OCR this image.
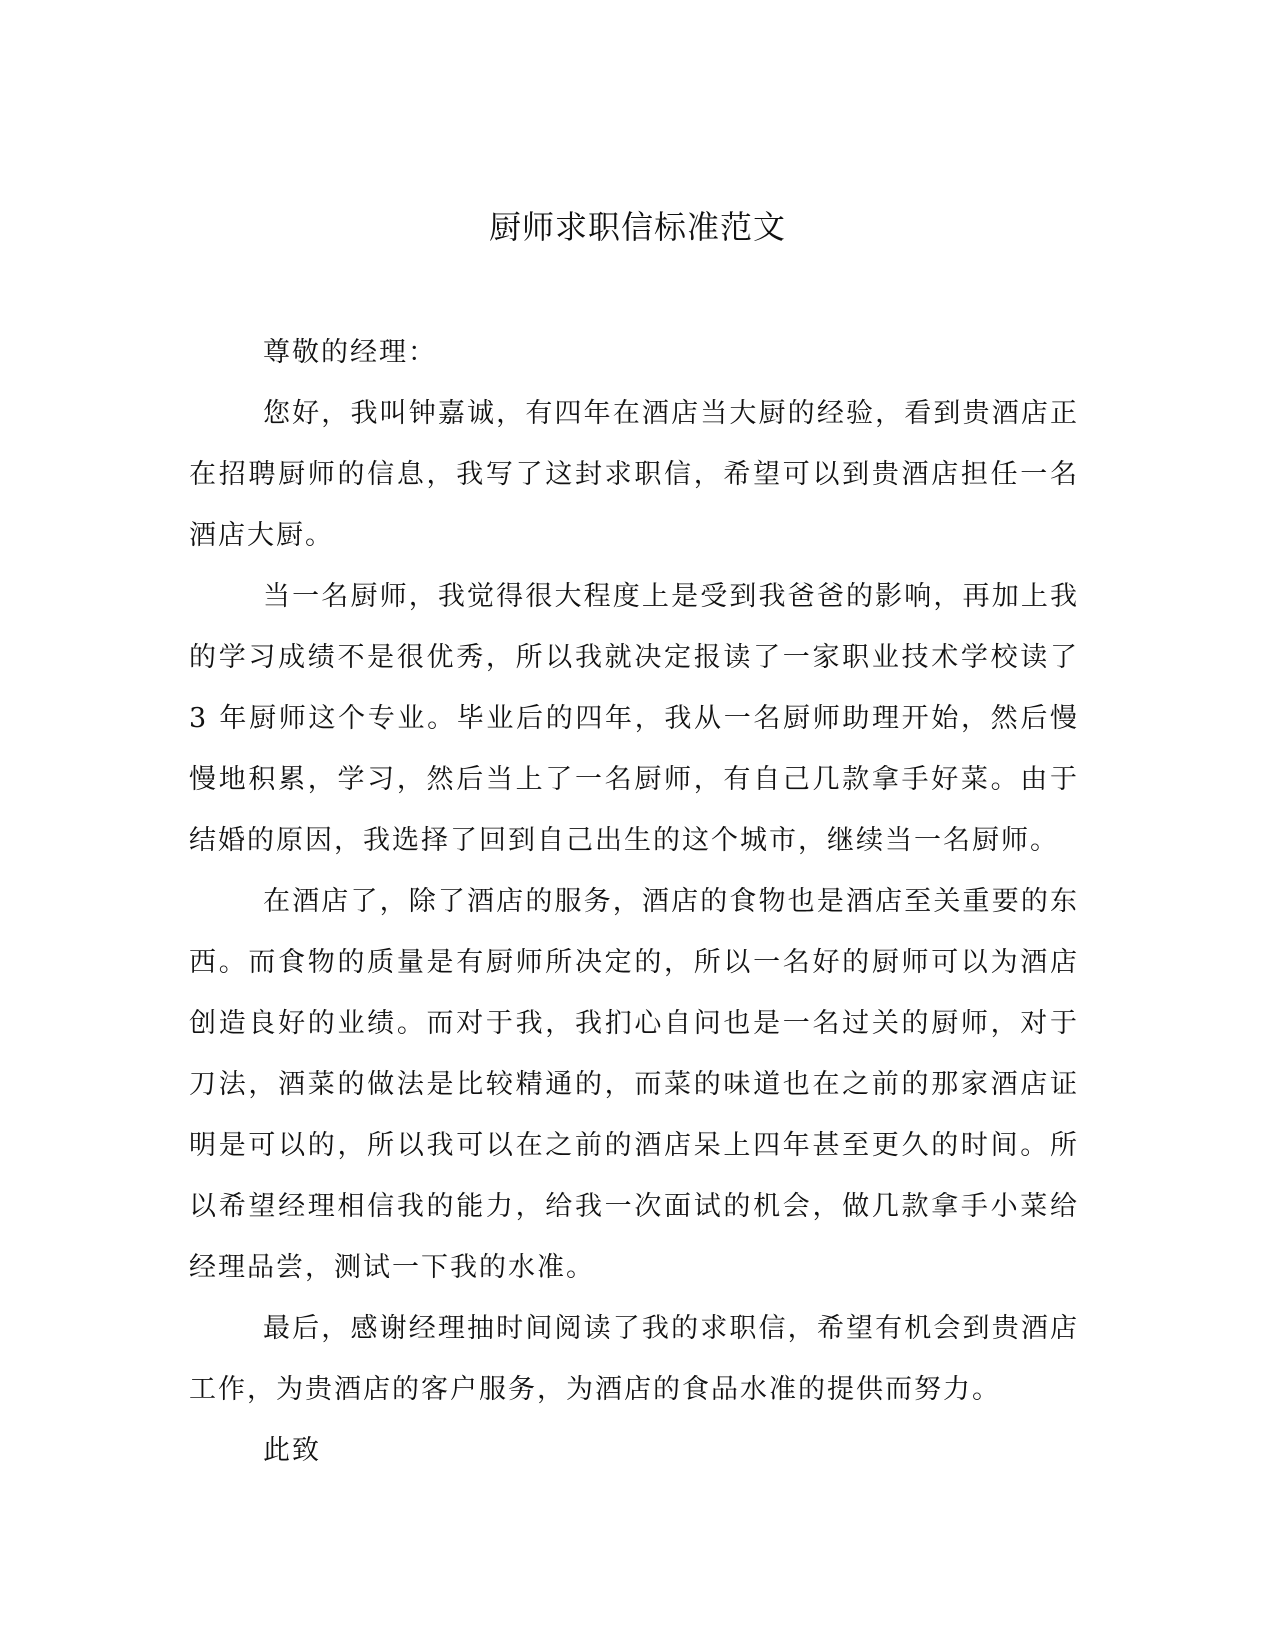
厨师求职信标准范文

尊敬的经理：

您好，我叫钟嘉诚，有四年在酒店当大厨的经验，看到贵酒店正在招聘厨师的信息，我写了这封求职信，希望可以到贵酒店担任一名酒店大厨。

当一名厨师，我觉得很大程度上是受到我爸爸的影响，再加上我的学习成绩不是很优秀，所以我就决定报读了一家职业技术学校读了 3 年厨师这个专业。毕业后的四年，我从一名厨师助理开始，然后慢慢地积累，学习，然后当上了一名厨师，有自己几款拿手好菜。由于结婚的原因，我选择了回到自己出生的这个城市，继续当一名厨师。

在酒店了，除了酒店的服务，酒店的食物也是酒店至关重要的东西。而食物的质量是有厨师所决定的，所以一名好的厨师可以为酒店创造良好的业绩。而对于我，我扪心自问也是一名过关的厨师，对于刀法，酒菜的做法是比较精通的，而菜的味道也在之前的那家酒店证明是可以的，所以我可以在之前的酒店呆上四年甚至更久的时间。所以希望经理相信我的能力，给我一次面试的机会，做几款拿手小菜给经理品尝，测试一下我的水准。

最后，感谢经理抽时间阅读了我的求职信，希望有机会到贵酒店工作，为贵酒店的客户服务，为酒店的食品水准的提供而努力。

此致
